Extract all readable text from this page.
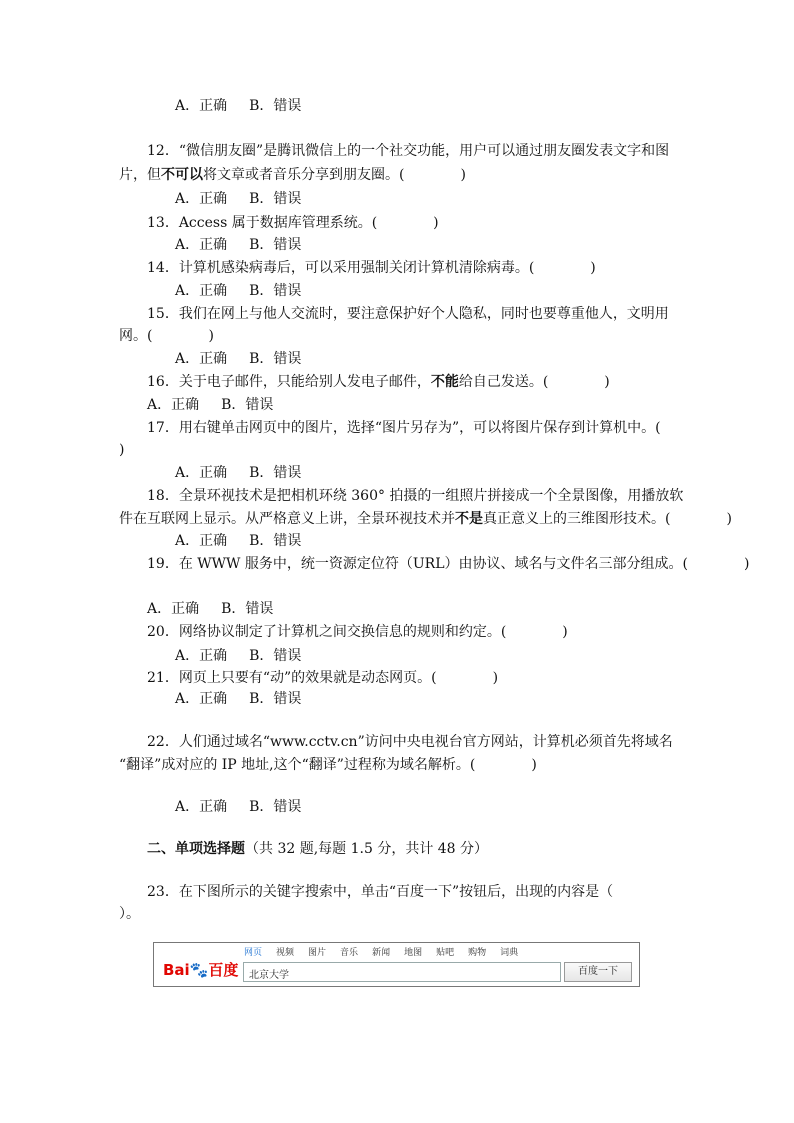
A．正确 B．错误
12．“微信朋友圈”是腾讯微信上的一个社交功能，用户可以通过朋友圈发表文字和图
片，但不可以将文章或者音乐分享到朋友圈。(　　　　)
A．正确 B．错误
13．Access 属于数据库管理系统。(　　　　)
A．正确 B．错误
14．计算机感染病毒后，可以采用强制关闭计算机清除病毒。(　　　　)
A．正确 B．错误
15．我们在网上与他人交流时，要注意保护好个人隐私，同时也要尊重他人，文明用
网。(　　　　)
A．正确 B．错误
16．关于电子邮件，只能给别人发电子邮件，不能给自己发送。(　　　　)
A．正确 B．错误
17．用右键单击网页中的图片，选择“图片另存为”，可以将图片保存到计算机中。(
)
A．正确 B．错误
18．全景环视技术是把相机环绕 360° 拍摄的一组照片拼接成一个全景图像，用播放软
件在互联网上显示。从严格意义上讲，全景环视技术并不是真正意义上的三维图形技术。(　　　　)
A．正确 B．错误
19．在 WWW 服务中，统一资源定位符（URL）由协议、域名与文件名三部分组成。(　　　　)
A．正确 B．错误
20．网络协议制定了计算机之间交换信息的规则和约定。(　　　　)
A．正确 B．错误
21．网页上只要有“动”的效果就是动态网页。(　　　　)
A．正确 B．错误
22．人们通过域名“www.cctv.cn”访问中央电视台官方网站，计算机必须首先将域名
“翻译”成对应的 IP 地址,这个“翻译”过程称为域名解析。(　　　　)
A．正确 B．错误
二、单项选择题（共 32 题,每题 1.5 分，共计 48 分）
23．在下图所示的关键字搜索中，单击“百度一下”按钮后，出现的内容是（
）。
Bai🐾百度
网页 视频 图片 音乐 新闻 地图 贴吧 购物 词典
北京大学	百度一下
